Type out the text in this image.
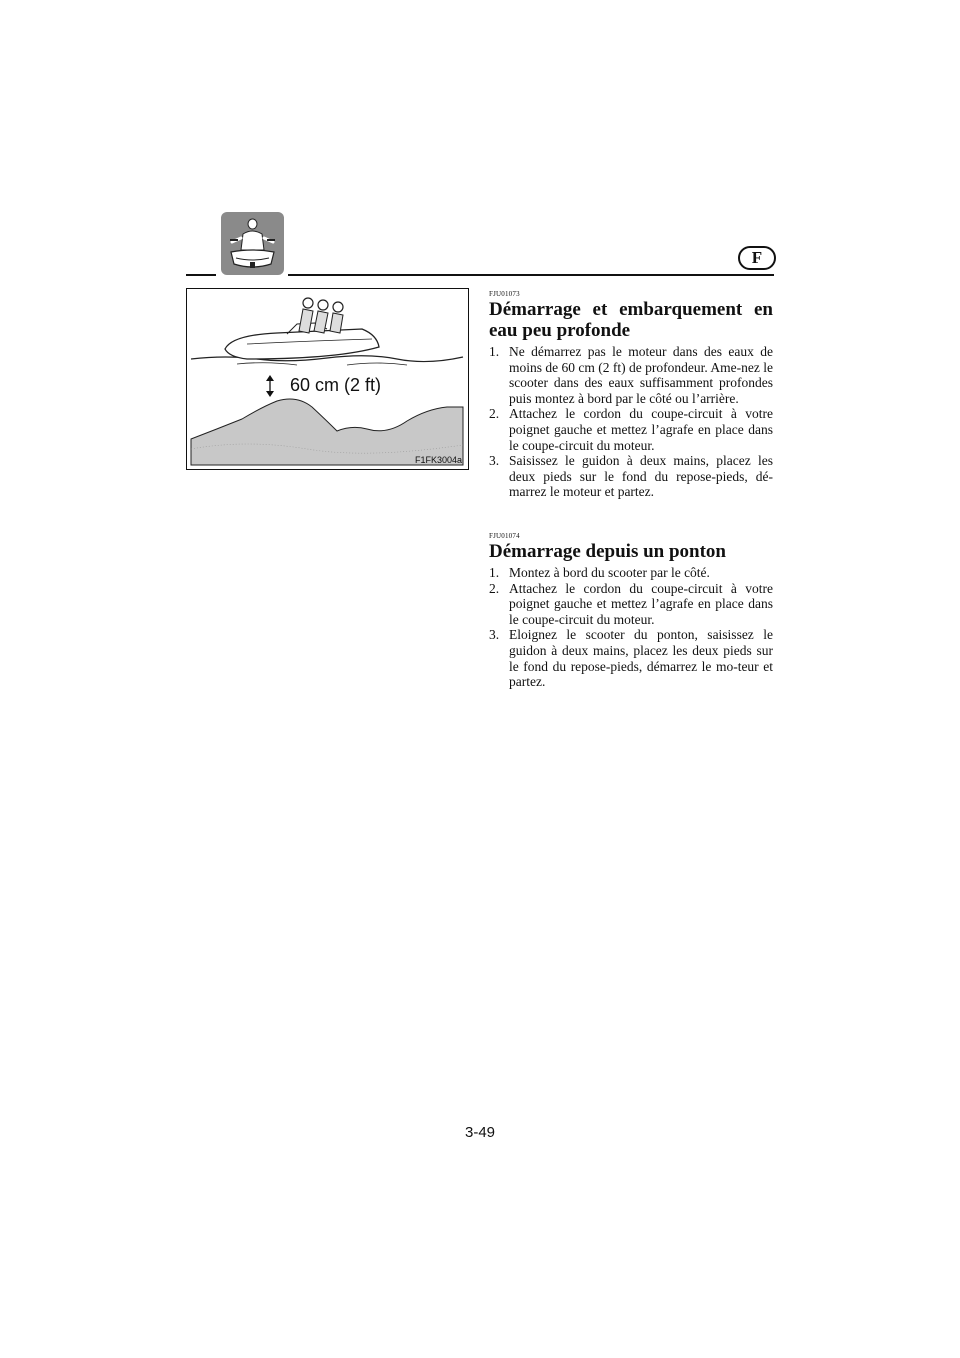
F
60 cm (2 ft)
F1FK3004a
FJU01073
Démarrage et embarquement en eau peu profonde
1. Ne démarrez pas le moteur dans des eaux de moins de 60 cm (2 ft) de profondeur. Ame-nez le scooter dans des eaux suffisamment profondes puis montez à bord par le côté ou l’arrière.
2. Attachez le cordon du coupe-circuit à votre poignet gauche et mettez l’agrafe en place dans le coupe-circuit du moteur.
3. Saisissez le guidon à deux mains, placez les deux pieds sur le fond du repose-pieds, dé-marrez le moteur et partez.
FJU01074
Démarrage depuis un ponton
1. Montez à bord du scooter par le côté.
2. Attachez le cordon du coupe-circuit à votre poignet gauche et mettez l’agrafe en place dans le coupe-circuit du moteur.
3. Eloignez le scooter du ponton, saisissez le guidon à deux mains, placez les deux pieds sur le fond du repose-pieds, démarrez le mo-teur et partez.
3-49
